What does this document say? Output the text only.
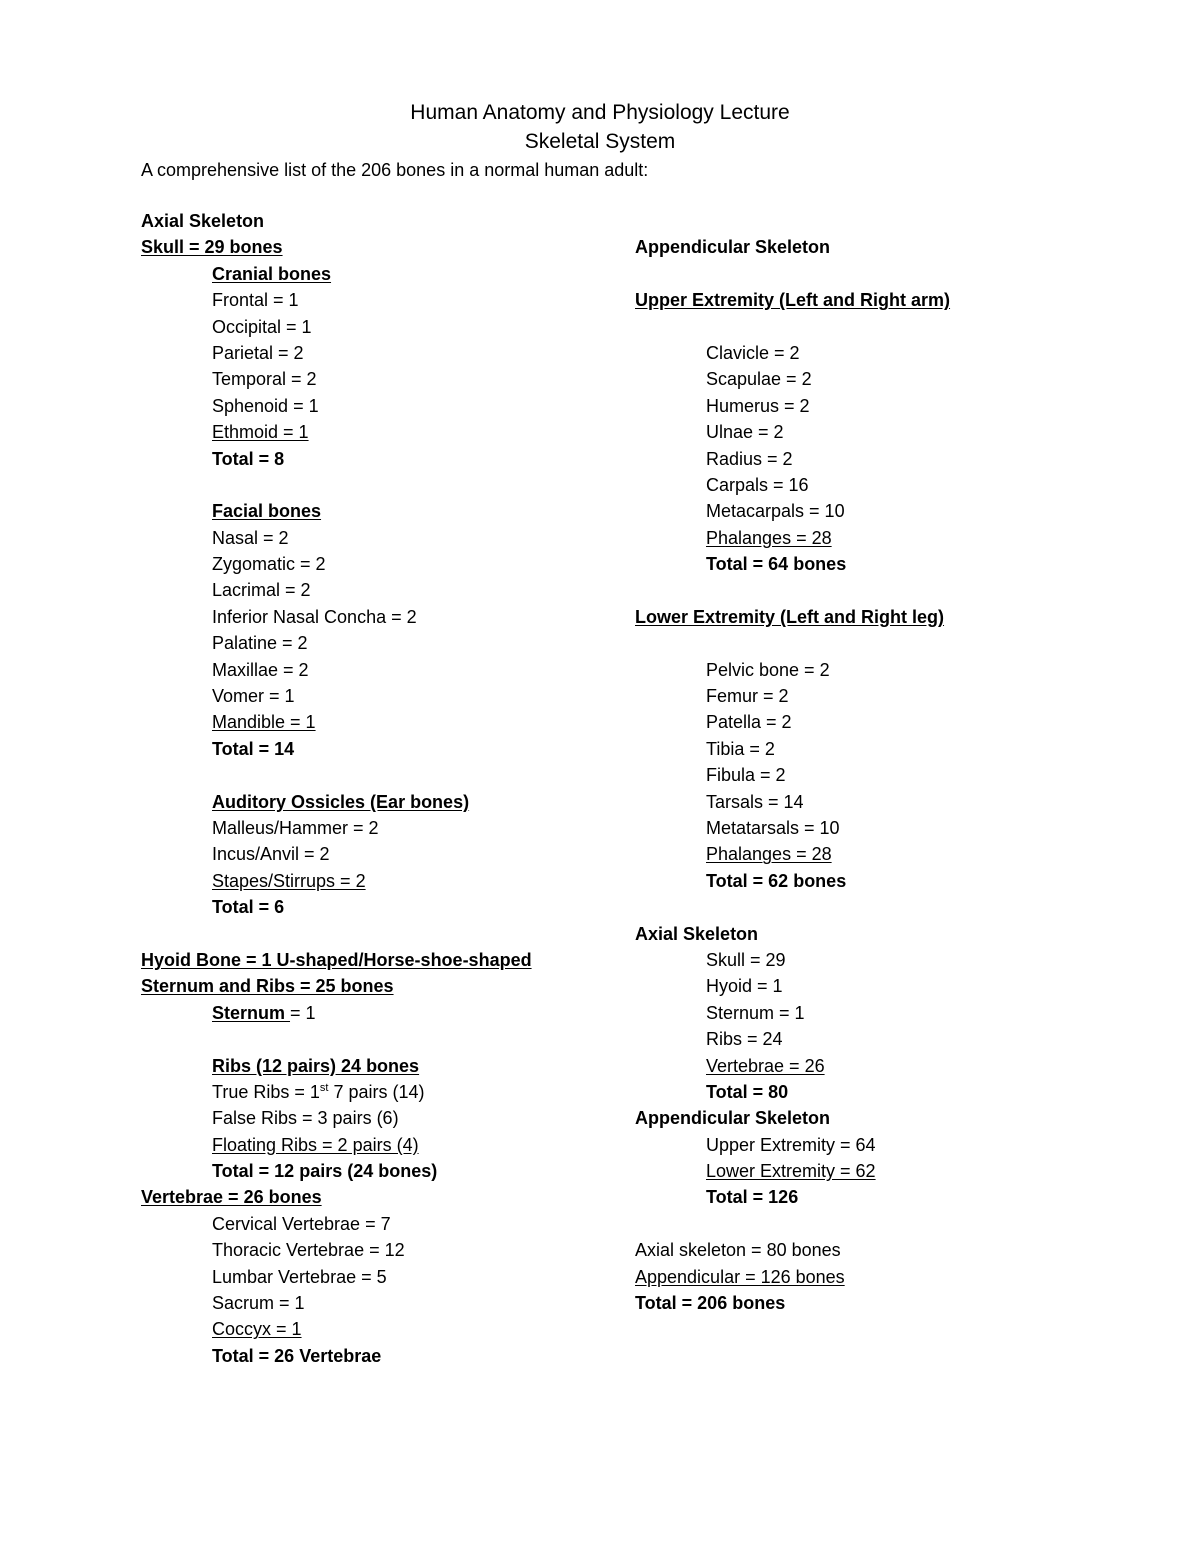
Human Anatomy and Physiology Lecture
Skeletal System
A comprehensive list of the 206 bones in a normal human adult:
Axial Skeleton
Skull = 29 bones
Cranial bones
Frontal = 1
Occipital = 1
Parietal = 2
Temporal = 2
Sphenoid = 1
Ethmoid = 1
Total = 8
Facial bones
Nasal = 2
Zygomatic = 2
Lacrimal = 2
Inferior Nasal Concha = 2
Palatine = 2
Maxillae = 2
Vomer = 1
Mandible = 1
Total = 14
Auditory Ossicles (Ear bones)
Malleus/Hammer = 2
Incus/Anvil = 2
Stapes/Stirrups = 2
Total = 6
Hyoid Bone = 1 U-shaped/Horse-shoe-shaped
Sternum and Ribs = 25 bones
Sternum = 1
Ribs (12 pairs) 24 bones
True Ribs = 1st 7 pairs (14)
False Ribs = 3 pairs (6)
Floating Ribs = 2 pairs (4)
Total = 12 pairs (24 bones)
Vertebrae = 26 bones
Cervical Vertebrae = 7
Thoracic Vertebrae = 12
Lumbar Vertebrae = 5
Sacrum = 1
Coccyx = 1
Total = 26 Vertebrae
Appendicular Skeleton
Upper Extremity (Left and Right arm)
Clavicle = 2
Scapulae = 2
Humerus = 2
Ulnae = 2
Radius = 2
Carpals = 16
Metacarpals = 10
Phalanges = 28
Total = 64 bones
Lower Extremity (Left and Right leg)
Pelvic bone = 2
Femur = 2
Patella = 2
Tibia = 2
Fibula = 2
Tarsals = 14
Metatarsals = 10
Phalanges = 28
Total = 62 bones
Axial Skeleton
Skull = 29
Hyoid = 1
Sternum = 1
Ribs = 24
Vertebrae = 26
Total = 80
Appendicular Skeleton
Upper Extremity = 64
Lower Extremity = 62
Total = 126
Axial skeleton = 80 bones
Appendicular = 126 bones
Total = 206 bones
